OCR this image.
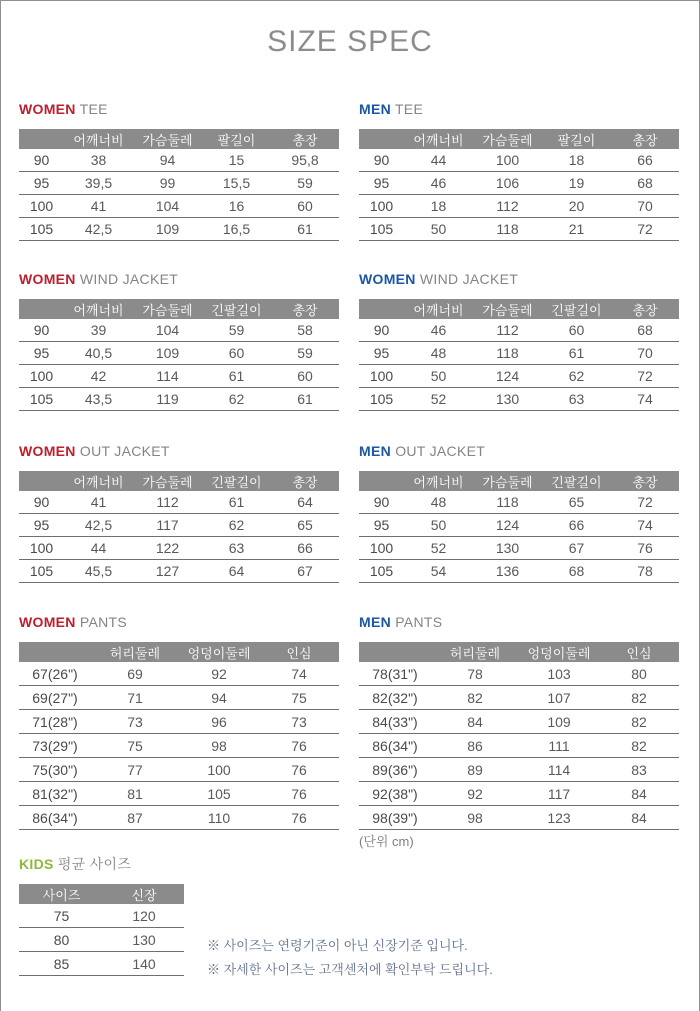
SIZE SPEC
WOMEN TEE
	어깨너비	가슴둘레	팔길이	총장
90	38	94	15	95,8
95	39,5	99	15,5	59
100	41	104	16	60
105	42,5	109	16,5	61
MEN TEE
	어깨너비	가슴둘레	팔길이	총장
90	44	100	18	66
95	46	106	19	68
100	18	112	20	70
105	50	118	21	72
WOMEN WIND JACKET
	어깨너비	가슴둘레	긴팔길이	총장
90	39	104	59	58
95	40,5	109	60	59
100	42	114	61	60
105	43,5	119	62	61
WOMEN WIND JACKET
	어깨너비	가슴둘레	긴팔길이	총장
90	46	112	60	68
95	48	118	61	70
100	50	124	62	72
105	52	130	63	74
WOMEN OUT JACKET
	어깨너비	가슴둘레	긴팔길이	총장
90	41	112	61	64
95	42,5	117	62	65
100	44	122	63	66
105	45,5	127	64	67
MEN OUT JACKET
	어깨너비	가슴둘레	긴팔길이	총장
90	48	118	65	72
95	50	124	66	74
100	52	130	67	76
105	54	136	68	78
WOMEN PANTS
	허리둘레	엉덩이둘레	인심
67(26")	69	92	74
69(27")	71	94	75
71(28")	73	96	73
73(29")	75	98	76
75(30")	77	100	76
81(32")	81	105	76
86(34")	87	110	76
MEN PANTS
	허리둘레	엉덩이둘레	인심
78(31")	78	103	80
82(32")	82	107	82
84(33")	84	109	82
86(34")	86	111	82
89(36")	89	114	83
92(38")	92	117	84
98(39")	98	123	84
KIDS 평균 사이즈
사이즈	신장
75	120
80	130
85	140
(단위 cm)
※ 사이즈는 연령기준이 아닌 신장기준 입니다.
※ 자세한 사이즈는 고객센처에 확인부탁 드립니다.
